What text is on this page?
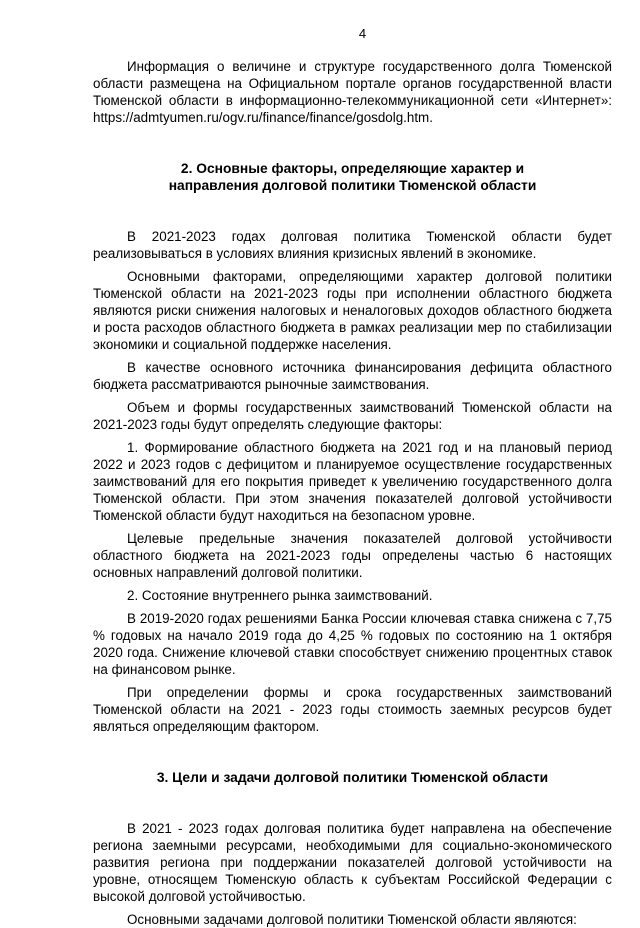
4

Информация о величине и структуре государственного долга Тюменской области размещена на Официальном портале органов государственной власти Тюменской области в информационно-телекоммуникационной сети «Интернет»: https://admtyumen.ru/ogv.ru/finance/finance/gosdolg.htm.

2. Основные факторы, определяющие характер и
направления долговой политики Тюменской области

В 2021-2023 годах долговая политика Тюменской области будет реализовываться в условиях влияния кризисных явлений в экономике.

Основными факторами, определяющими характер долговой политики Тюменской области на 2021-2023 годы при исполнении областного бюджета являются риски снижения налоговых и неналоговых доходов областного бюджета и роста расходов областного бюджета в рамках реализации мер по стабилизации экономики и социальной поддержке населения.

В качестве основного источника финансирования дефицита областного бюджета рассматриваются рыночные заимствования.

Объем и формы государственных заимствований Тюменской области на 2021-2023 годы будут определять следующие факторы:

1. Формирование областного бюджета на 2021 год и на плановый период 2022 и 2023 годов с дефицитом и планируемое осуществление государственных заимствований для его покрытия приведет к увеличению государственного долга Тюменской области. При этом значения показателей долговой устойчивости Тюменской области будут находиться на безопасном уровне.

Целевые предельные значения показателей долговой устойчивости областного бюджета на 2021-2023 годы определены частью 6 настоящих основных направлений долговой политики.

2. Состояние внутреннего рынка заимствований.

В 2019-2020 годах решениями Банка России ключевая ставка снижена с 7,75 % годовых на начало 2019 года до 4,25 % годовых по состоянию на 1 октября 2020 года. Снижение ключевой ставки способствует снижению процентных ставок на финансовом рынке.

При определении формы и срока государственных заимствований Тюменской области на 2021 - 2023 годы стоимость заемных ресурсов будет являться определяющим фактором.

3. Цели и задачи долговой политики Тюменской области

В 2021 - 2023 годах долговая политика будет направлена на обеспечение региона заемными ресурсами, необходимыми для социально-экономического развития региона при поддержании показателей долговой устойчивости на уровне, относящем Тюменскую область к субъектам Российской Федерации с высокой долговой устойчивостью.

Основными задачами долговой политики Тюменской области являются:
